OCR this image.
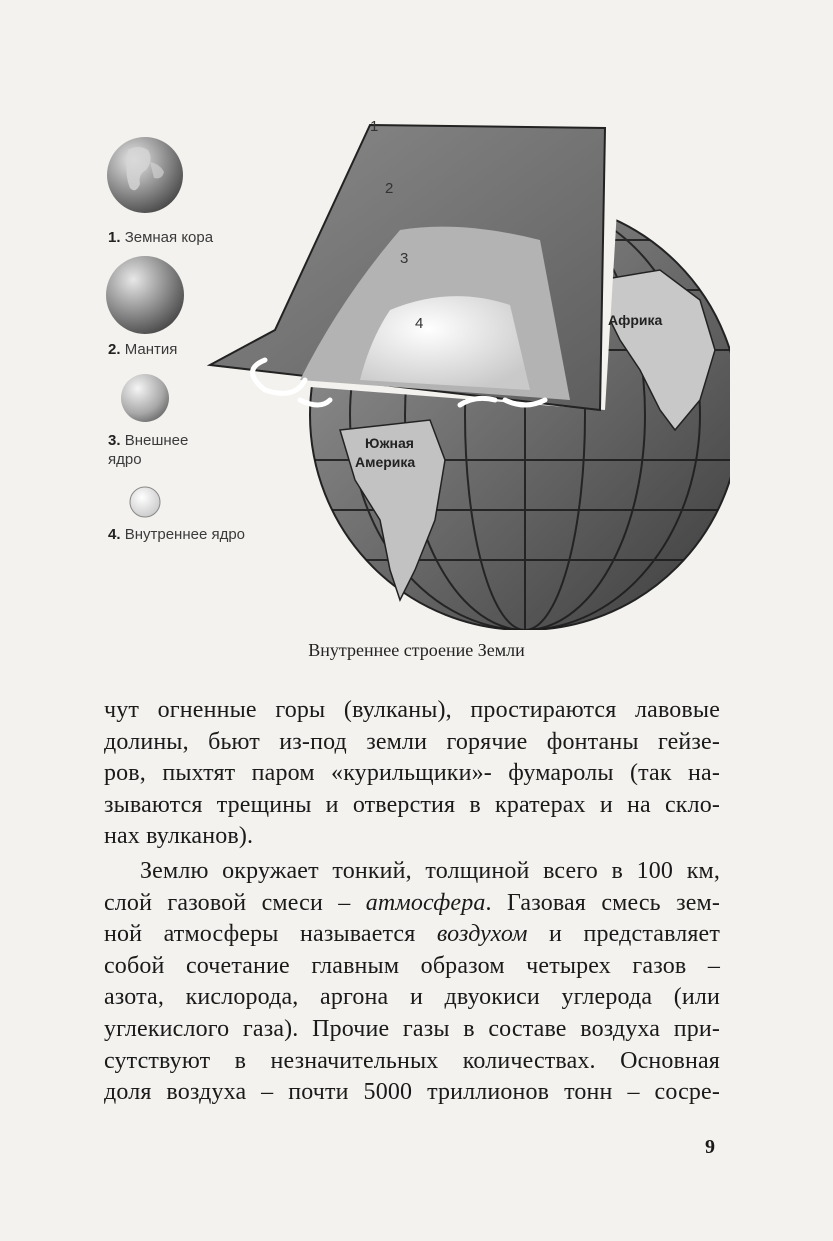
1. Земная кора
2. Мантия
3. Внешнее
ядро
4. Внутреннее ядро
1
2
3
4	Африка
Южная
Америка
Внутреннее строение Земли
чут огненные горы (вулканы), простираются лавовые
долины, бьют из-под земли горячие фонтаны гейзе-
ров, пыхтят паром «курильщики»- фумаролы (так на-
зываются трещины и отверстия в кратерах и на скло-
нах вулканов).
Землю окружает тонкий, толщиной всего в 100 км,
слой газовой смеси – атмосфера. Газовая смесь зем-
ной атмосферы называется воздухом и представляет
собой сочетание главным образом четырех газов –
азота, кислорода, аргона и двуокиси углерода (или
углекислого газа). Прочие газы в составе воздуха при-
сутствуют в незначительных количествах. Основная
доля воздуха – почти 5000 триллионов тонн – сосре-
9
